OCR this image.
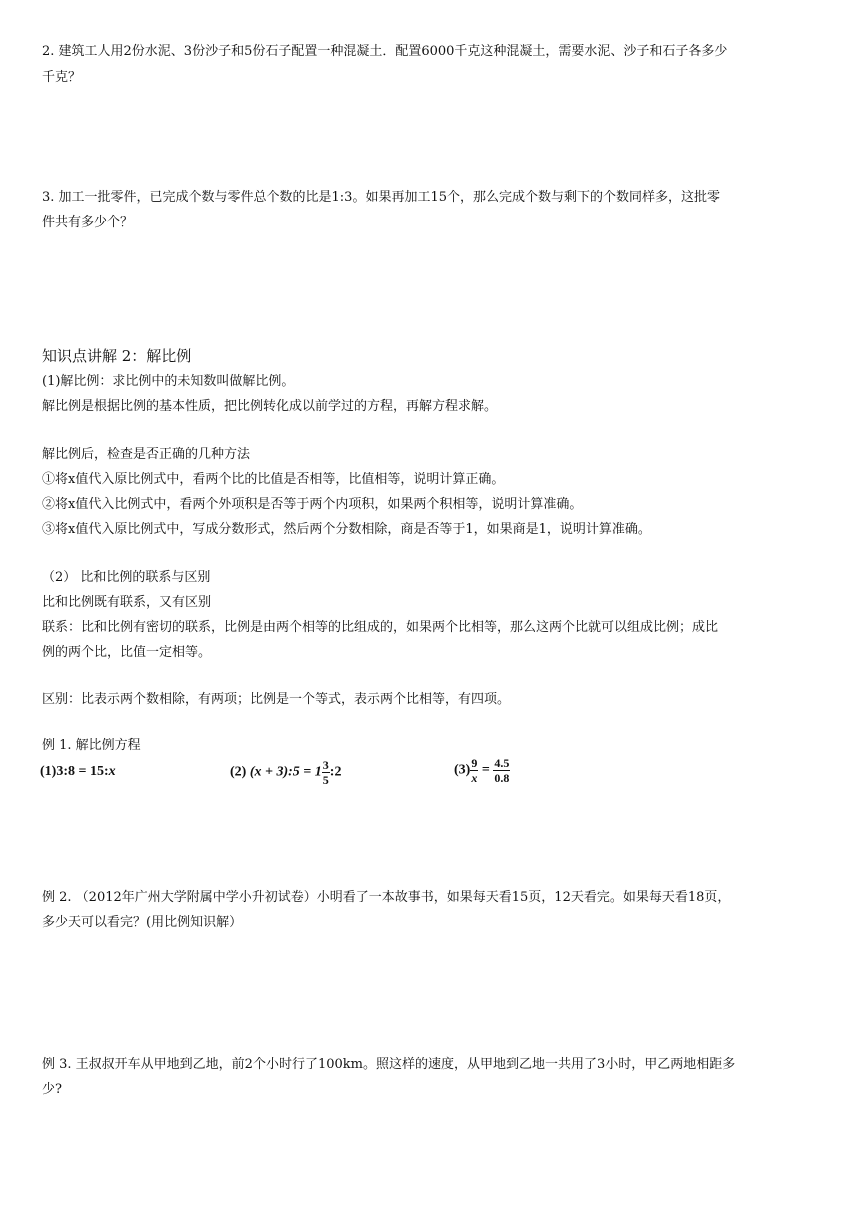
2. 建筑工人用2份水泥、3份沙子和5份石子配置一种混凝土．配置6000千克这种混凝土，需要水泥、沙子和石子各多少
千克？
3. 加工一批零件，已完成个数与零件总个数的比是1:3。如果再加工15个，那么完成个数与剩下的个数同样多，这批零
件共有多少个？
知识点讲解 2：解比例
(1)解比例：求比例中的未知数叫做解比例。
解比例是根据比例的基本性质，把比例转化成以前学过的方程，再解方程求解。
解比例后，检查是否正确的几种方法
①将x值代入原比例式中，看两个比的比值是否相等，比值相等，说明计算正确。
②将x值代入比例式中，看两个外项积是否等于两个内项积，如果两个积相等，说明计算准确。
③将x值代入原比例式中，写成分数形式，然后两个分数相除，商是否等于1，如果商是1，说明计算准确。
（2） 比和比例的联系与区别
比和比例既有联系，又有区别
联系：比和比例有密切的联系，比例是由两个相等的比组成的，如果两个比相等，那么这两个比就可以组成比例；成比
例的两个比，比值一定相等。
区别：比表示两个数相除，有两项；比例是一个等式，表示两个比相等，有四项。
例 1. 解比例方程
(1)3:8 = 15:x	(2) (x + 3):5 = $1 \frac{3}{5}$ :2	$(3) \frac{9}{x} = \frac{4.5}{0.8}$
例 2. （2012年广州大学附属中学小升初试卷）小明看了一本故事书，如果每天看15页，12天看完。如果每天看18页，
多少天可以看完？(用比例知识解）
例 3. 王叔叔开车从甲地到乙地，前2个小时行了100km。照这样的速度，从甲地到乙地一共用了3小时，甲乙两地相距多
少?
